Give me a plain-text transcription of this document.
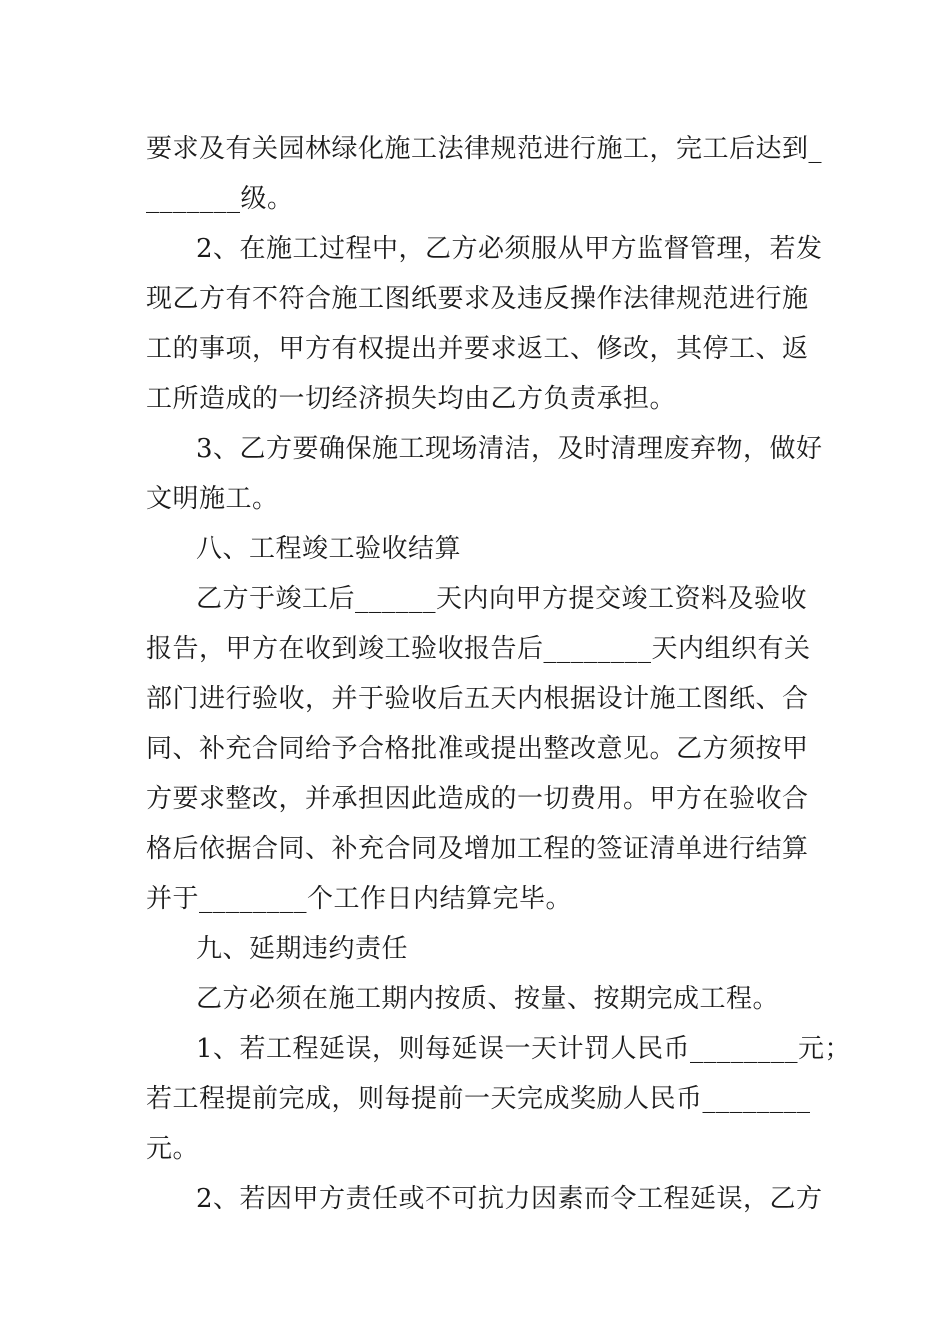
要求及有关园林绿化施工法律规范进行施工，完工后达到_
_______级。
2、在施工过程中，乙方必须服从甲方监督管理，若发
现乙方有不符合施工图纸要求及违反操作法律规范进行施
工的事项，甲方有权提出并要求返工、修改，其停工、返
工所造成的一切经济损失均由乙方负责承担。
3、乙方要确保施工现场清洁，及时清理废弃物，做好
文明施工。
八、工程竣工验收结算
乙方于竣工后______天内向甲方提交竣工资料及验收
报告，甲方在收到竣工验收报告后________天内组织有关
部门进行验收，并于验收后五天内根据设计施工图纸、合
同、补充合同给予合格批准或提出整改意见。乙方须按甲
方要求整改，并承担因此造成的一切费用。甲方在验收合
格后依据合同、补充合同及增加工程的签证清单进行结算
并于________个工作日内结算完毕。
九、延期违约责任
乙方必须在施工期内按质、按量、按期完成工程。
1、若工程延误，则每延误一天计罚人民币________元；
若工程提前完成，则每提前一天完成奖励人民币________
元。
2、若因甲方责任或不可抗力因素而令工程延误，乙方
